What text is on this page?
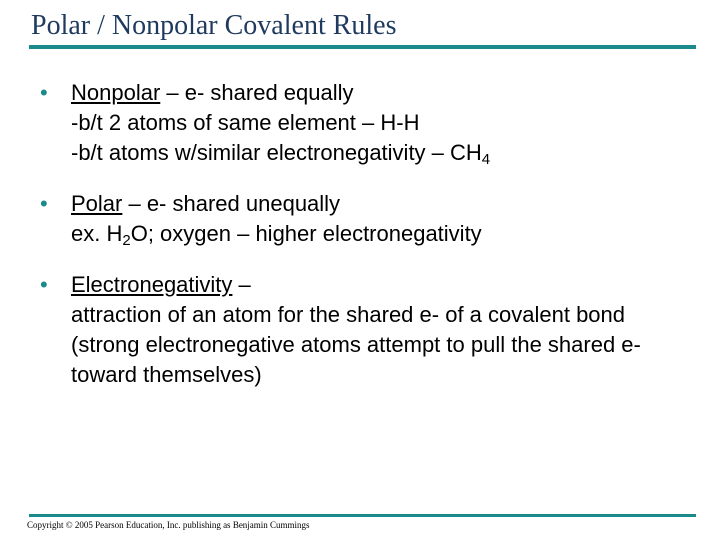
Polar / Nonpolar Covalent Rules
• Nonpolar – e- shared equally
-b/t 2 atoms of same element – H-H
-b/t atoms w/similar electronegativity – $CH_4$
• Polar – e- shared unequally
ex. $H_2O$; oxygen – higher electronegativity
• Electronegativity –
attraction of an atom for the shared e- of a covalent bond (strong electronegative atoms attempt to pull the shared e- toward themselves)
Copyright © 2005 Pearson Education, Inc. publishing as Benjamin Cummings
